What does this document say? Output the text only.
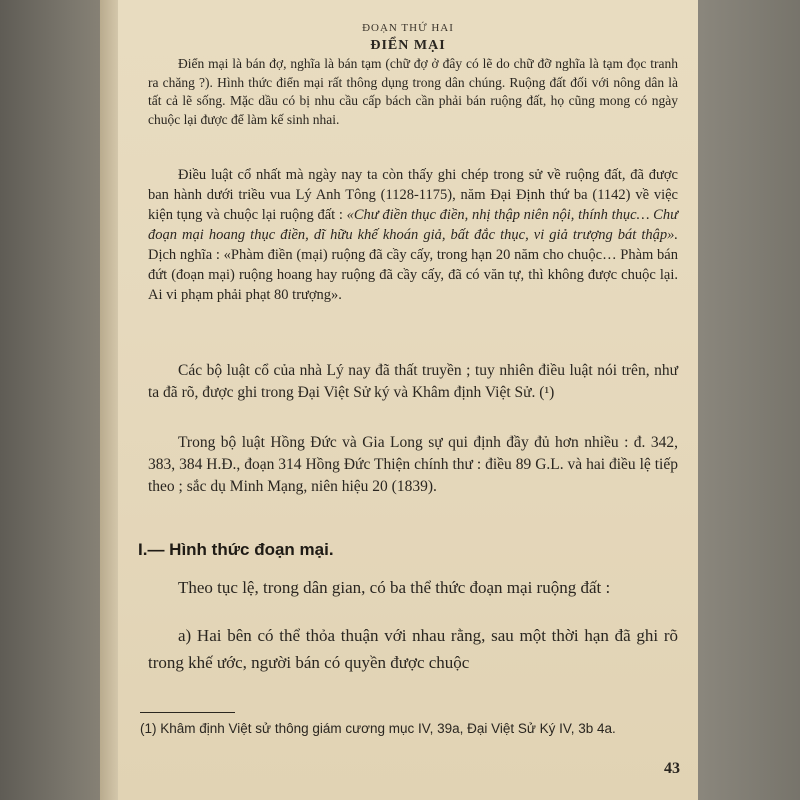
ĐOẠN THỨ HAI
ĐIỂN MẠI

Điển mại là bán đợ, nghĩa là bán tạm (chữ đợ ở đây có lẽ do chữ đỡ nghĩa là tạm đọc tranh ra chăng ?). Hình thức điển mại rất thông dụng trong dân chúng. Ruộng đất đối với nông dân là tất cả lẽ sống. Mặc dầu có bị nhu cầu cấp bách cần phải bán ruộng đất, họ cũng mong có ngày chuộc lại được để làm kế sinh nhai.

Điều luật cổ nhất mà ngày nay ta còn thấy ghi chép trong sử về ruộng đất, đã được ban hành dưới triều vua Lý Anh Tông (1128-1175), năm Đại Định thứ ba (1142) về việc kiện tụng và chuộc lại ruộng đất : «Chư điền thục điền, nhị thập niên nội, thính thục… Chư đoạn mại hoang thục điền, dĩ hữu khế khoán giả, bất đắc thục, vi giả trượng bát thập». Dịch nghĩa : «Phàm điền (mại) ruộng đã cầy cấy, trong hạn 20 năm cho chuộc… Phàm bán đứt (đoạn mại) ruộng hoang hay ruộng đã cầy cấy, đã có văn tự, thì không được chuộc lại. Ai vi phạm phải phạt 80 trượng».

Các bộ luật cổ của nhà Lý nay đã thất truyền ; tuy nhiên điều luật nói trên, như ta đã rõ, được ghi trong Đại Việt Sử ký và Khâm định Việt Sử. (¹)

Trong bộ luật Hồng Đức và Gia Long sự qui định đầy đủ hơn nhiều : đ. 342, 383, 384 H.Đ., đoạn 314 Hồng Đức Thiện chính thư : điều 89 G.L. và hai điều lệ tiếp theo ; sắc dụ Minh Mạng, niên hiệu 20 (1839).

I.— Hình thức đoạn mại.

Theo tục lệ, trong dân gian, có ba thể thức đoạn mại ruộng đất :

a) Hai bên có thể thỏa thuận với nhau rằng, sau một thời hạn đã ghi rõ trong khế ước, người bán có quyền được chuộc

(1) Khâm định Việt sử thông giám cương mục IV, 39a, Đại Việt Sử Ký IV, 3b 4a.

43
